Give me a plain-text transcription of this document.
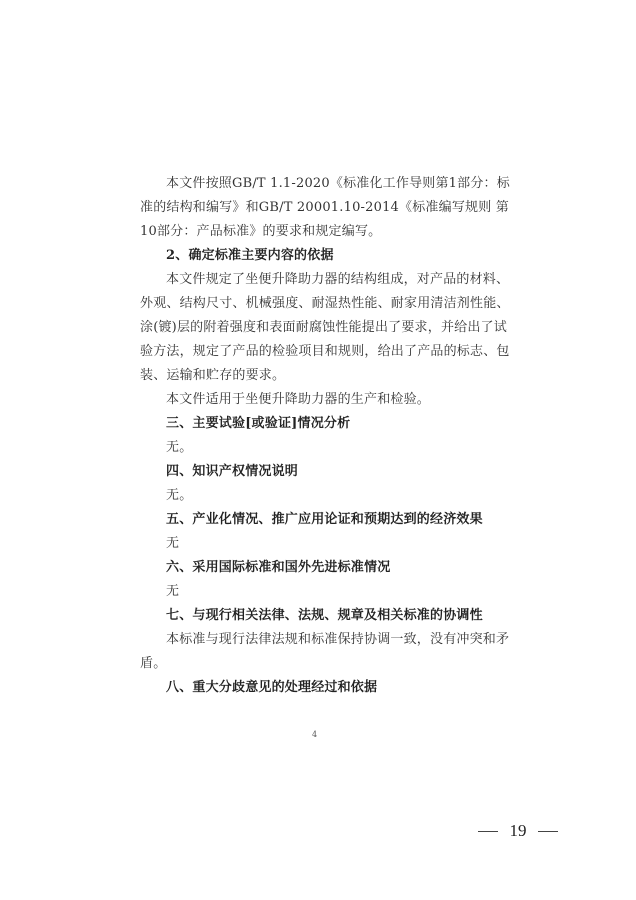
本文件按照GB/T 1.1-2020《标准化工作导则第1部分：标准的结构和编写》和GB/T 20001.10-2014《标准编写规则 第10部分：产品标准》的要求和规定编写。

2、确定标准主要内容的依据

本文件规定了坐便升降助力器的结构组成，对产品的材料、外观、结构尺寸、机械强度、耐湿热性能、耐家用清洁剂性能、涂(镀)层的附着强度和表面耐腐蚀性能提出了要求，并给出了试验方法，规定了产品的检验项目和规则，给出了产品的标志、包装、运输和贮存的要求。

本文件适用于坐便升降助力器的生产和检验。

三、主要试验[或验证]情况分析

无。

四、知识产权情况说明

无。

五、产业化情况、推广应用论证和预期达到的经济效果

无

六、采用国际标准和国外先进标准情况

无

七、与现行相关法律、法规、规章及相关标准的协调性

本标准与现行法律法规和标准保持协调一致，没有冲突和矛盾。

八、重大分歧意见的处理经过和依据

4
19
